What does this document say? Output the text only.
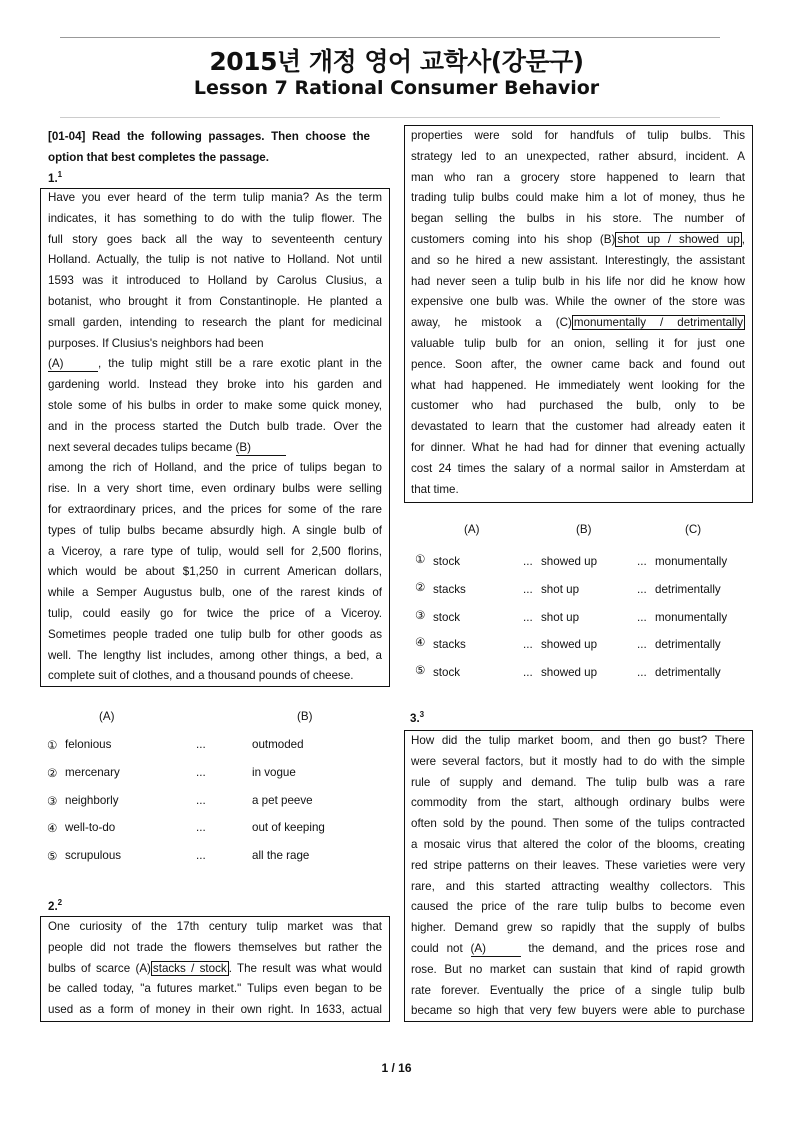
2015년 개정 영어 교학사(강문구)
Lesson 7 Rational Consumer Behavior
[01-04] Read the following passages. Then choose the
option that best completes the passage.
1.$^1$
Have you ever heard of the term tulip mania? As the term
indicates, it has something to do with the tulip flower. The
full story goes back all the way to seventeenth century
Holland. Actually, the tulip is not native to Holland. Not until
1593 was it introduced to Holland by Carolus Clusius, a
botanist, who brought it from Constantinople. He planted a
small garden, intending to research the plant for medicinal
purposes. If Clusius's neighbors had been
(A)	, the tulip might still be a rare exotic plant in the
gardening world. Instead they broke into his garden and
stole some of his bulbs in order to make some quick money,
and in the process started the Dutch bulb trade. Over the
next several decades tulips became (B)
among the rich of Holland, and the price of tulips began to
rise. In a very short time, even ordinary bulbs were selling
for extraordinary prices, and the prices for some of the rare
types of tulip bulbs became absurdly high. A single bulb of
a Viceroy, a rare type of tulip, would sell for 2,500 florins,
which would be about $1,250 in current American dollars,
while a Semper Augustus bulb, one of the rarest kinds of
tulip, could easily go for twice the price of a Viceroy.
Sometimes people traded one tulip bulb for other goods as
well. The lengthy list includes, among other things, a bed, a
complete suit of clothes, and a thousand pounds of cheese.
(A)	(B)
① felonious	...	outmoded
② mercenary	...	in vogue
③ neighborly	...	a pet peeve
④ well-to-do	...	out of keeping
⑤ scrupulous	...	all the rage
properties were sold for handfuls of tulip bulbs. This
strategy led to an unexpected, rather absurd, incident. A
man who ran a grocery store happened to learn that
trading tulip bulbs could make him a lot of money, thus he
began selling the bulbs in his store. The number of
customers coming into his shop (B) shot up / showed up ,
and so he hired a new assistant. Interestingly, the assistant
had never seen a tulip bulb in his life nor did he know how
expensive one bulb was. While the owner of the store was
away, he mistook a (C) monumentally / detrimentally
valuable tulip bulb for an onion, selling it for just one
pence. Soon after, the owner came back and found out
what had happened. He immediately went looking for the
customer who had purchased the bulb, only to be
devastated to learn that the customer had already eaten it
for dinner. What he had had for dinner that evening actually
cost 24 times the salary of a normal sailor in Amsterdam at
that time.
(A)	(B)	(C)
① stock	... showed up	... monumentally
② stacks	... shot up	... detrimentally
③ stock	... shot up	... monumentally
④ stacks	... showed up	... detrimentally
⑤ stock	... showed up	... detrimentally
2.$^2$
One curiosity of the 17th century tulip market was that
people did not trade the flowers themselves but rather the
bulbs of scarce (A) stacks / stock . The result was what would
be called today, "a futures market." Tulips even began to be
used as a form of money in their own right. In 1633, actual
3.$^3$
How did the tulip market boom, and then go bust? There
were several factors, but it mostly had to do with the simple
rule of supply and demand. The tulip bulb was a rare
commodity from the start, although ordinary bulbs were
often sold by the pound. Then some of the tulips contracted
a mosaic virus that altered the color of the blooms, creating
red stripe patterns on their leaves. These varieties were very
rare, and this started attracting wealthy collectors. This
caused the price of the rare tulip bulbs to become even
higher. Demand grew so rapidly that the supply of bulbs
could not (A)	the demand, and the prices rose and
rose. But no market can sustain that kind of rapid growth
rate forever. Eventually the price of a single tulip bulb
became so high that very few buyers were able to purchase
1 / 16
